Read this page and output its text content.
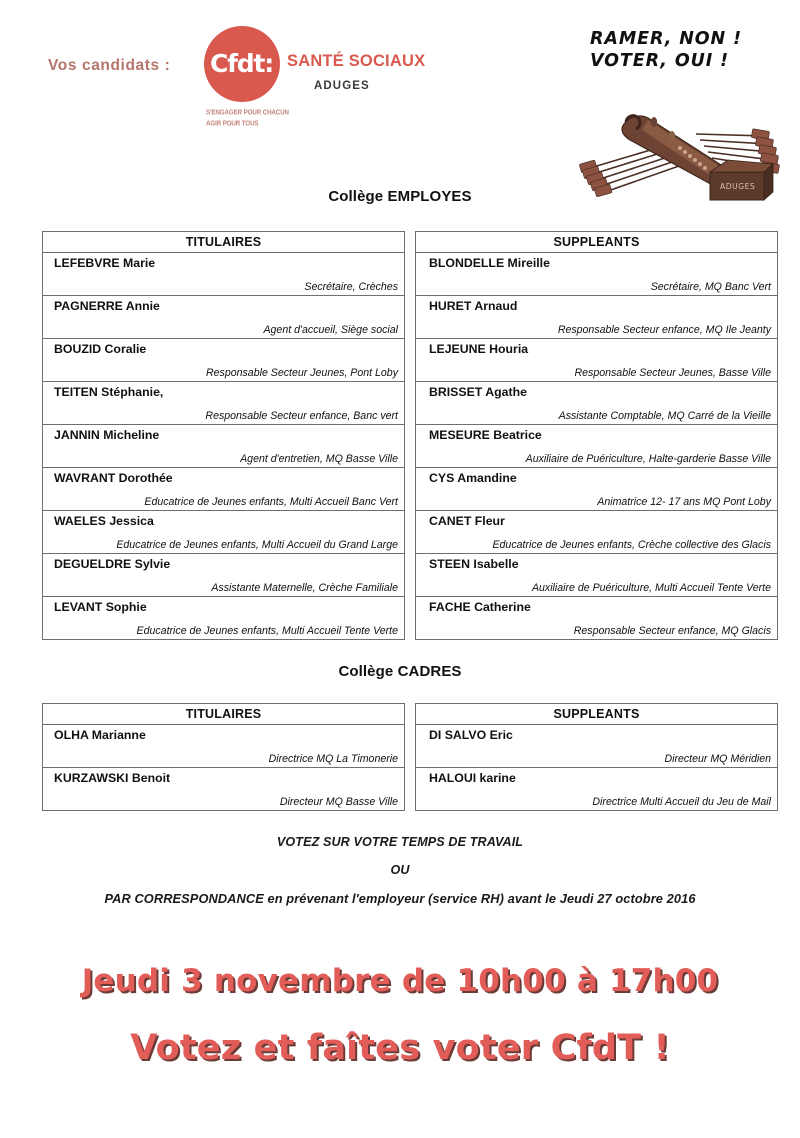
Vos candidats : Cfdt: SANTÉ SOCIAUX
ADUGES
S'ENGAGER POUR CHACUN
AGIR POUR TOUS
RAMER, NON !
VOTER, OUI !
ADUGES
Collège EMPLOYES
TITULAIRES
LEFEBVRE Marie
Secrétaire, Crèches
PAGNERRE Annie
Agent d'accueil, Siège social
BOUZID Coralie
Responsable Secteur Jeunes, Pont Loby
TEITEN Stéphanie,
Responsable Secteur enfance, Banc vert
JANNIN Micheline
Agent d'entretien, MQ Basse Ville
WAVRANT Dorothée
Educatrice de Jeunes enfants, Multi Accueil Banc Vert
WAELES Jessica
Educatrice de Jeunes enfants, Multi Accueil du Grand Large
DEGUELDRE Sylvie
Assistante Maternelle, Crèche Familiale
LEVANT Sophie
Educatrice de Jeunes enfants, Multi Accueil Tente Verte
SUPPLEANTS
BLONDELLE Mireille
Secrétaire, MQ Banc Vert
HURET Arnaud
Responsable Secteur enfance, MQ Ile Jeanty
LEJEUNE Houria
Responsable Secteur Jeunes, Basse Ville
BRISSET Agathe
Assistante Comptable, MQ Carré de la Vieille
MESEURE Beatrice
Auxiliaire de Puériculture, Halte-garderie Basse Ville
CYS Amandine
Animatrice 12- 17 ans MQ Pont Loby
CANET Fleur
Educatrice de Jeunes enfants, Crèche collective des Glacis
STEEN Isabelle
Auxiliaire de Puériculture, Multi Accueil Tente Verte
FACHE Catherine
Responsable Secteur enfance, MQ Glacis
Collège CADRES
TITULAIRES
OLHA Marianne
Directrice MQ La Timonerie
KURZAWSKI Benoit
Directeur MQ Basse Ville
SUPPLEANTS
DI SALVO Eric
Directeur MQ Méridien
HALOUI karine
Directrice Multi Accueil du Jeu de Mail
VOTEZ SUR VOTRE TEMPS DE TRAVAIL
OU
PAR CORRESPONDANCE en prévenant l'employeur (service RH) avant le Jeudi 27 octobre 2016
Jeudi 3 novembre de 10h00 à 17h00
Votez et faîtes voter CfdT !
